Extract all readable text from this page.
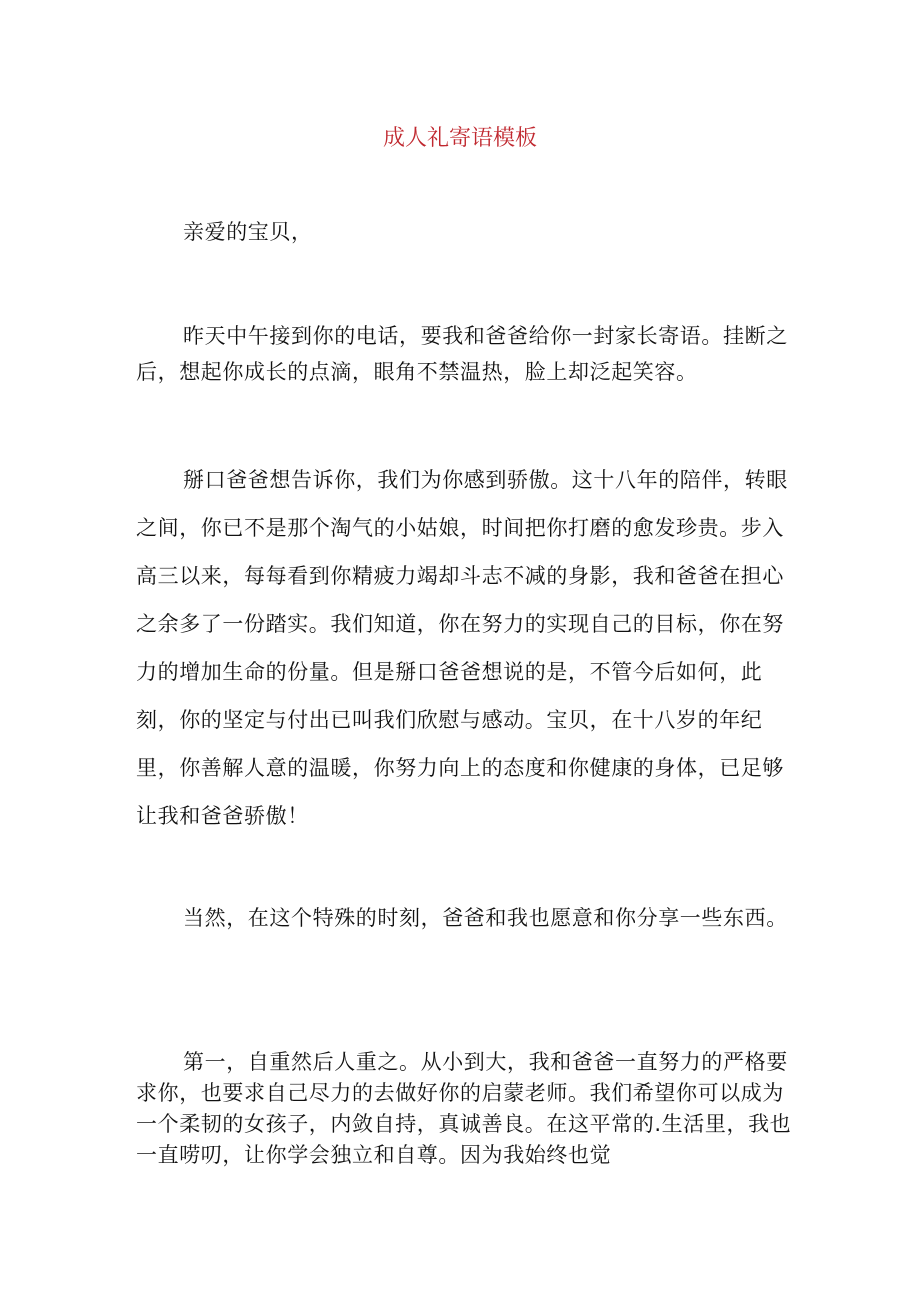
成人礼寄语模板

亲爱的宝贝，

昨天中午接到你的电话，要我和爸爸给你一封家长寄语。挂断之后，想起你成长的点滴，眼角不禁温热，脸上却泛起笑容。

掰口爸爸想告诉你，我们为你感到骄傲。这十八年的陪伴，转眼之间，你已不是那个淘气的小姑娘，时间把你打磨的愈发珍贵。步入高三以来，每每看到你精疲力竭却斗志不减的身影，我和爸爸在担心之余多了一份踏实。我们知道，你在努力的实现自己的目标，你在努力的增加生命的份量。但是掰口爸爸想说的是，不管今后如何，此刻，你的坚定与付出已叫我们欣慰与感动。宝贝，在十八岁的年纪里，你善解人意的温暖，你努力向上的态度和你健康的身体，已足够让我和爸爸骄傲！

当然，在这个特殊的时刻，爸爸和我也愿意和你分享一些东西。

第一，自重然后人重之。从小到大，我和爸爸一直努力的严格要求你，也要求自己尽力的去做好你的启蒙老师。我们希望你可以成为一个柔韧的女孩子，内敛自持，真诚善良。在这平常的.生活里，我也一直唠叨，让你学会独立和自尊。因为我始终也觉
